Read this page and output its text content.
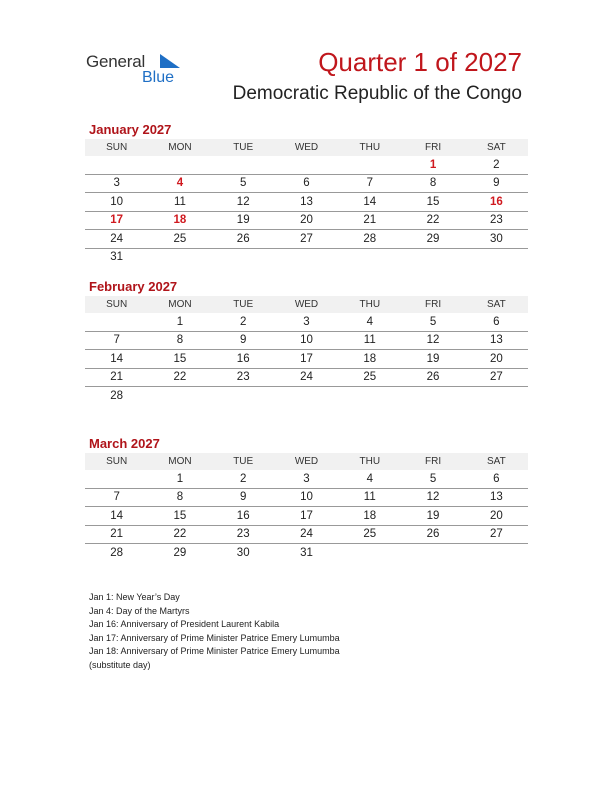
General
Blue
Quarter 1 of 2027
Democratic Republic of the Congo
January 2027
SUN	MON	TUE	WED	THU	FRI	SAT
					1	2
3	4	5	6	7	8	9
10	11	12	13	14	15	16
17	18	19	20	21	22	23
24	25	26	27	28	29	30
31						
February 2027
SUN	MON	TUE	WED	THU	FRI	SAT
	1	2	3	4	5	6
7	8	9	10	11	12	13
14	15	16	17	18	19	20
21	22	23	24	25	26	27
28						
March 2027
SUN	MON	TUE	WED	THU	FRI	SAT
	1	2	3	4	5	6
7	8	9	10	11	12	13
14	15	16	17	18	19	20
21	22	23	24	25	26	27
28	29	30	31			
Jan 1: New Year’s Day
Jan 4: Day of the Martyrs
Jan 16: Anniversary of President Laurent Kabila
Jan 17: Anniversary of Prime Minister Patrice Emery Lumumba
Jan 18: Anniversary of Prime Minister Patrice Emery Lumumba
(substitute day)
